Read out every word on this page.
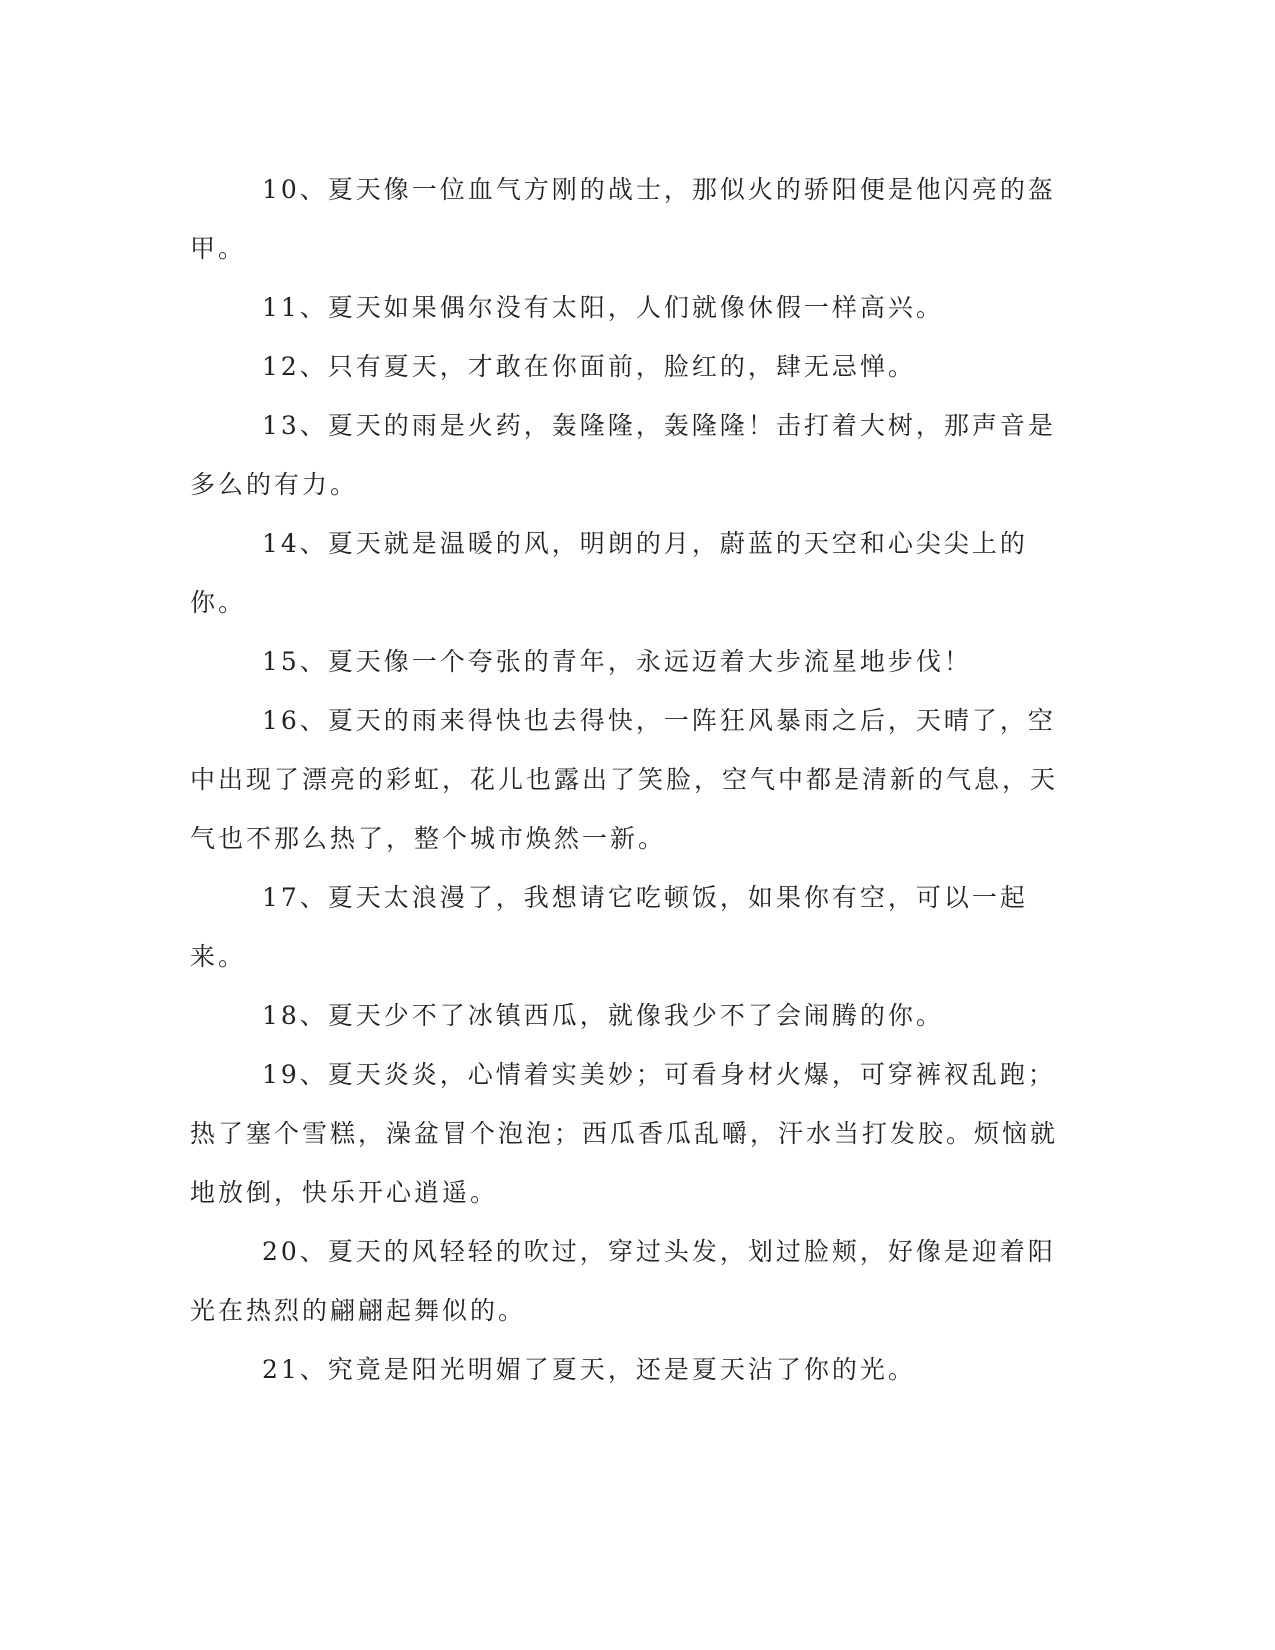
10、夏天像一位血气方刚的战士，那似火的骄阳便是他闪亮的盔甲。

11、夏天如果偶尔没有太阳，人们就像休假一样高兴。

12、只有夏天，才敢在你面前，脸红的，肆无忌惮。

13、夏天的雨是火药，轰隆隆，轰隆隆！击打着大树，那声音是多么的有力。

14、夏天就是温暖的风，明朗的月，蔚蓝的天空和心尖尖上的你。

15、夏天像一个夸张的青年，永远迈着大步流星地步伐！

16、夏天的雨来得快也去得快，一阵狂风暴雨之后，天晴了，空中出现了漂亮的彩虹，花儿也露出了笑脸，空气中都是清新的气息，天气也不那么热了，整个城市焕然一新。

17、夏天太浪漫了，我想请它吃顿饭，如果你有空，可以一起来。

18、夏天少不了冰镇西瓜，就像我少不了会闹腾的你。

19、夏天炎炎，心情着实美妙；可看身材火爆，可穿裤衩乱跑；热了塞个雪糕，澡盆冒个泡泡；西瓜香瓜乱嚼，汗水当打发胶。烦恼就地放倒，快乐开心逍遥。

20、夏天的风轻轻的吹过，穿过头发，划过脸颊，好像是迎着阳光在热烈的翩翩起舞似的。

21、究竟是阳光明媚了夏天，还是夏天沾了你的光。
